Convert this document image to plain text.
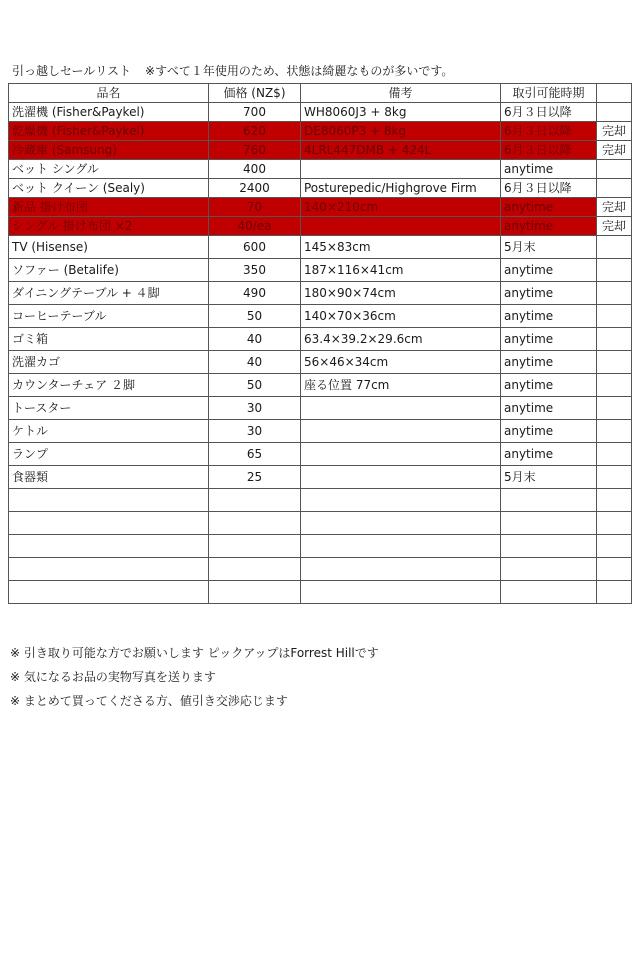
引っ越しセールリスト ※すべて１年使用のため、状態は綺麗なものが多いです。
品名	価格 (NZ$)	備考	取引可能時期	
洗濯機 (Fisher&Paykel)	700	WH8060J3 + 8kg	6月３日以降	
乾燥機 (Fisher&Paykel)	620	DE8060P3 + 8kg	6月３日以降	完却
冷蔵庫 (Samsung)	760	4LRL447DMB + 424L	6月３日以降	完却
ベット シングル	400		anytime	
ベット クイーン (Sealy)	2400	Posturepedic/Highgrove Firm	6月３日以降	
新品 掛け布団	70	140×210cm	anytime	完却
シングル 掛け布団 ×2	40/ea		anytime	完却
TV (Hisense)	600	145×83cm	5月末	
ソファー (Betalife)	350	187×116×41cm	anytime	
ダイニングテーブル + ４脚	490	180×90×74cm	anytime	
コーヒーテーブル	50	140×70×36cm	anytime	
ゴミ箱	40	63.4×39.2×29.6cm	anytime	
洗濯カゴ	40	56×46×34cm	anytime	
カウンターチェア ２脚	50	座る位置 77cm	anytime	
トースター	30		anytime	
ケトル	30		anytime	
ランプ	65		anytime	
食器類	25		5月末	

※ 引き取り可能な方でお願いします ピックアップはForrest Hillです
※ 気になるお品の実物写真を送ります
※ まとめて買ってくださる方、値引き交渉応じます
